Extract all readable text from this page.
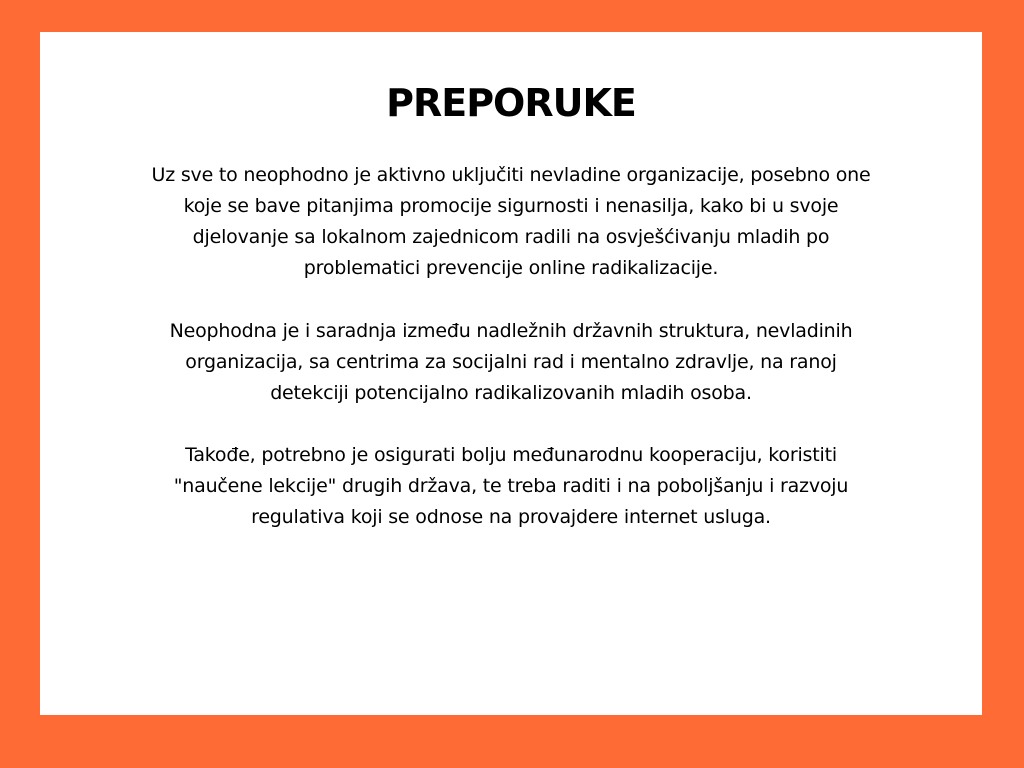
PREPORUKE

Uz sve to neophodno je aktivno uključiti nevladine organizacije, posebno one
koje se bave pitanjima promocije sigurnosti i nenasilja, kako bi u svoje
djelovanje sa lokalnom zajednicom radili na osvješćivanju mladih po
problematici prevencije online radikalizacije.

Neophodna je i saradnja između nadležnih državnih struktura, nevladinih
organizacija, sa centrima za socijalni rad i mentalno zdravlje, na ranoj
detekciji potencijalno radikalizovanih mladih osoba.

Takođe, potrebno je osigurati bolju međunarodnu kooperaciju, koristiti
"naučene lekcije" drugih država, te treba raditi i na poboljšanju i razvoju
regulativa koji se odnose na provajdere internet usluga.
